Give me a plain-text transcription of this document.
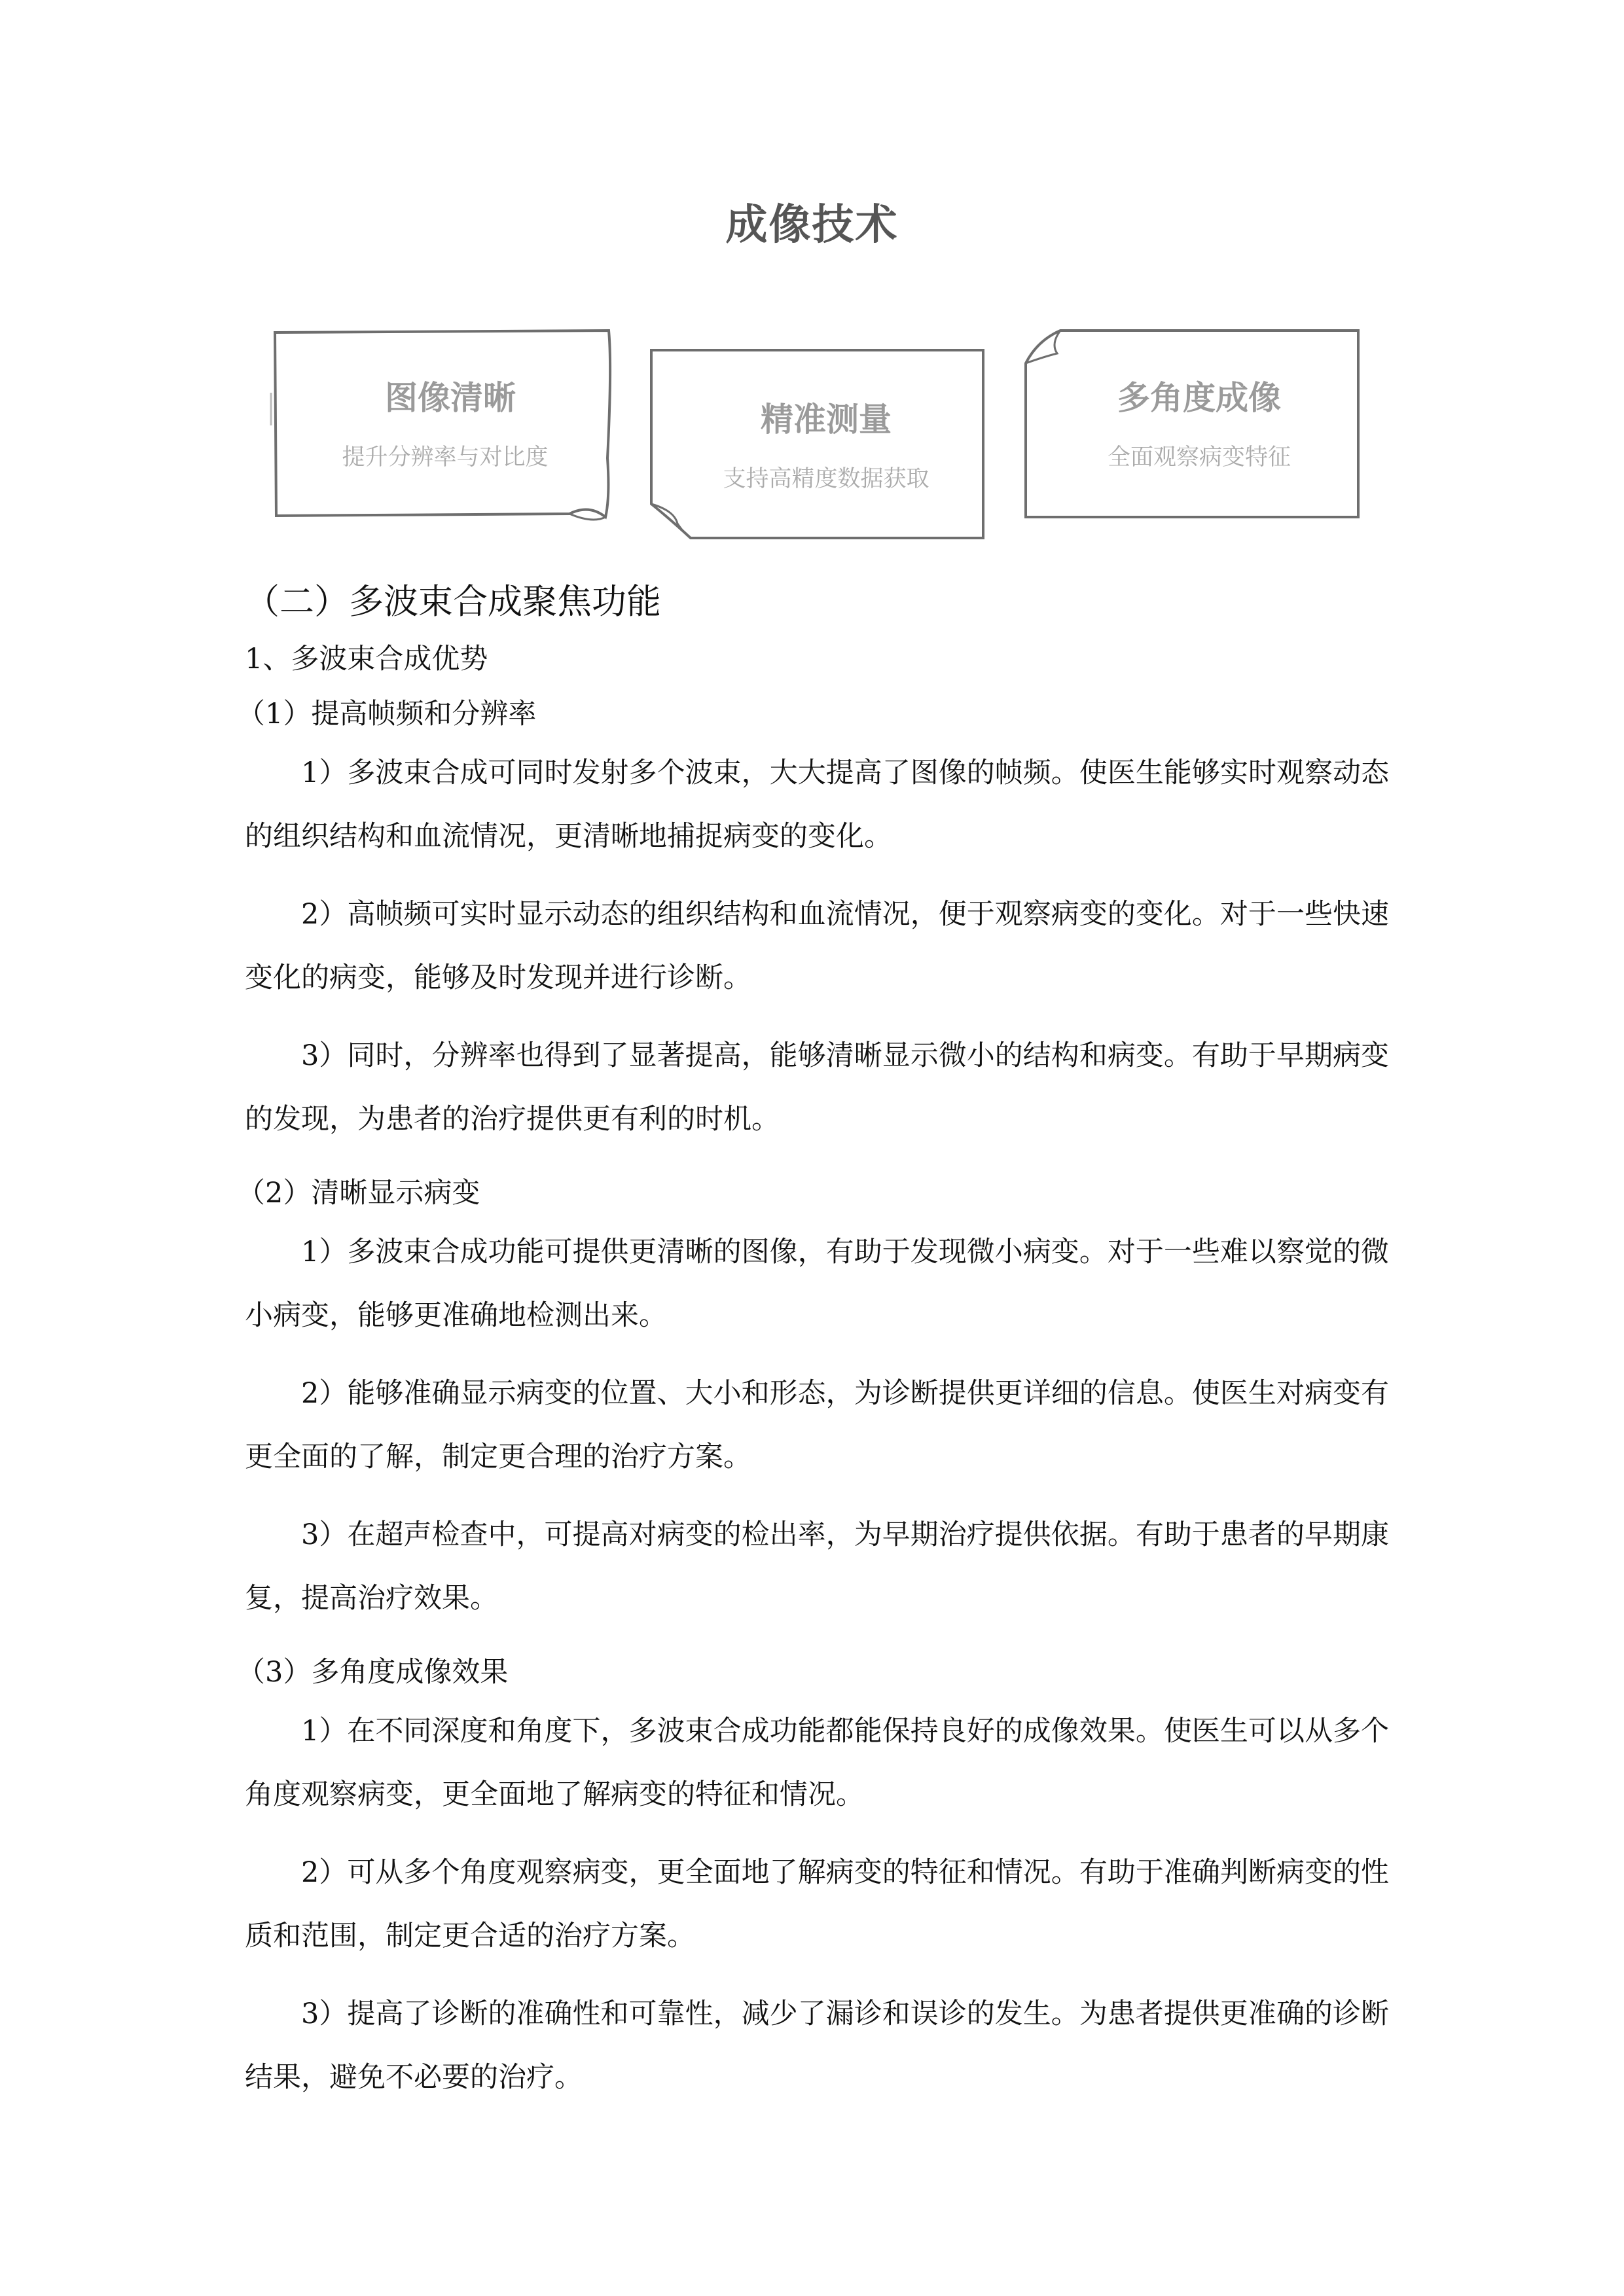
成像技术
图像清晰
提升分辨率与对比度
精准测量
支持高精度数据获取
多角度成像
全面观察病变特征

（二）多波束合成聚焦功能

1、多波束合成优势

（1）提高帧频和分辨率

1）多波束合成可同时发射多个波束，大大提高了图像的帧频。使医生能够实时观察动态的组织结构和血流情况，更清晰地捕捉病变的变化。

2）高帧频可实时显示动态的组织结构和血流情况，便于观察病变的变化。对于一些快速变化的病变，能够及时发现并进行诊断。

3）同时，分辨率也得到了显著提高，能够清晰显示微小的结构和病变。有助于早期病变的发现，为患者的治疗提供更有利的时机。

（2）清晰显示病变

1）多波束合成功能可提供更清晰的图像，有助于发现微小病变。对于一些难以察觉的微小病变，能够更准确地检测出来。

2）能够准确显示病变的位置、大小和形态，为诊断提供更详细的信息。使医生对病变有更全面的了解，制定更合理的治疗方案。

3）在超声检查中，可提高对病变的检出率，为早期治疗提供依据。有助于患者的早期康复，提高治疗效果。

（3）多角度成像效果

1）在不同深度和角度下，多波束合成功能都能保持良好的成像效果。使医生可以从多个角度观察病变，更全面地了解病变的特征和情况。

2）可从多个角度观察病变，更全面地了解病变的特征和情况。有助于准确判断病变的性质和范围，制定更合适的治疗方案。

3）提高了诊断的准确性和可靠性，减少了漏诊和误诊的发生。为患者提供更准确的诊断结果，避免不必要的治疗。
